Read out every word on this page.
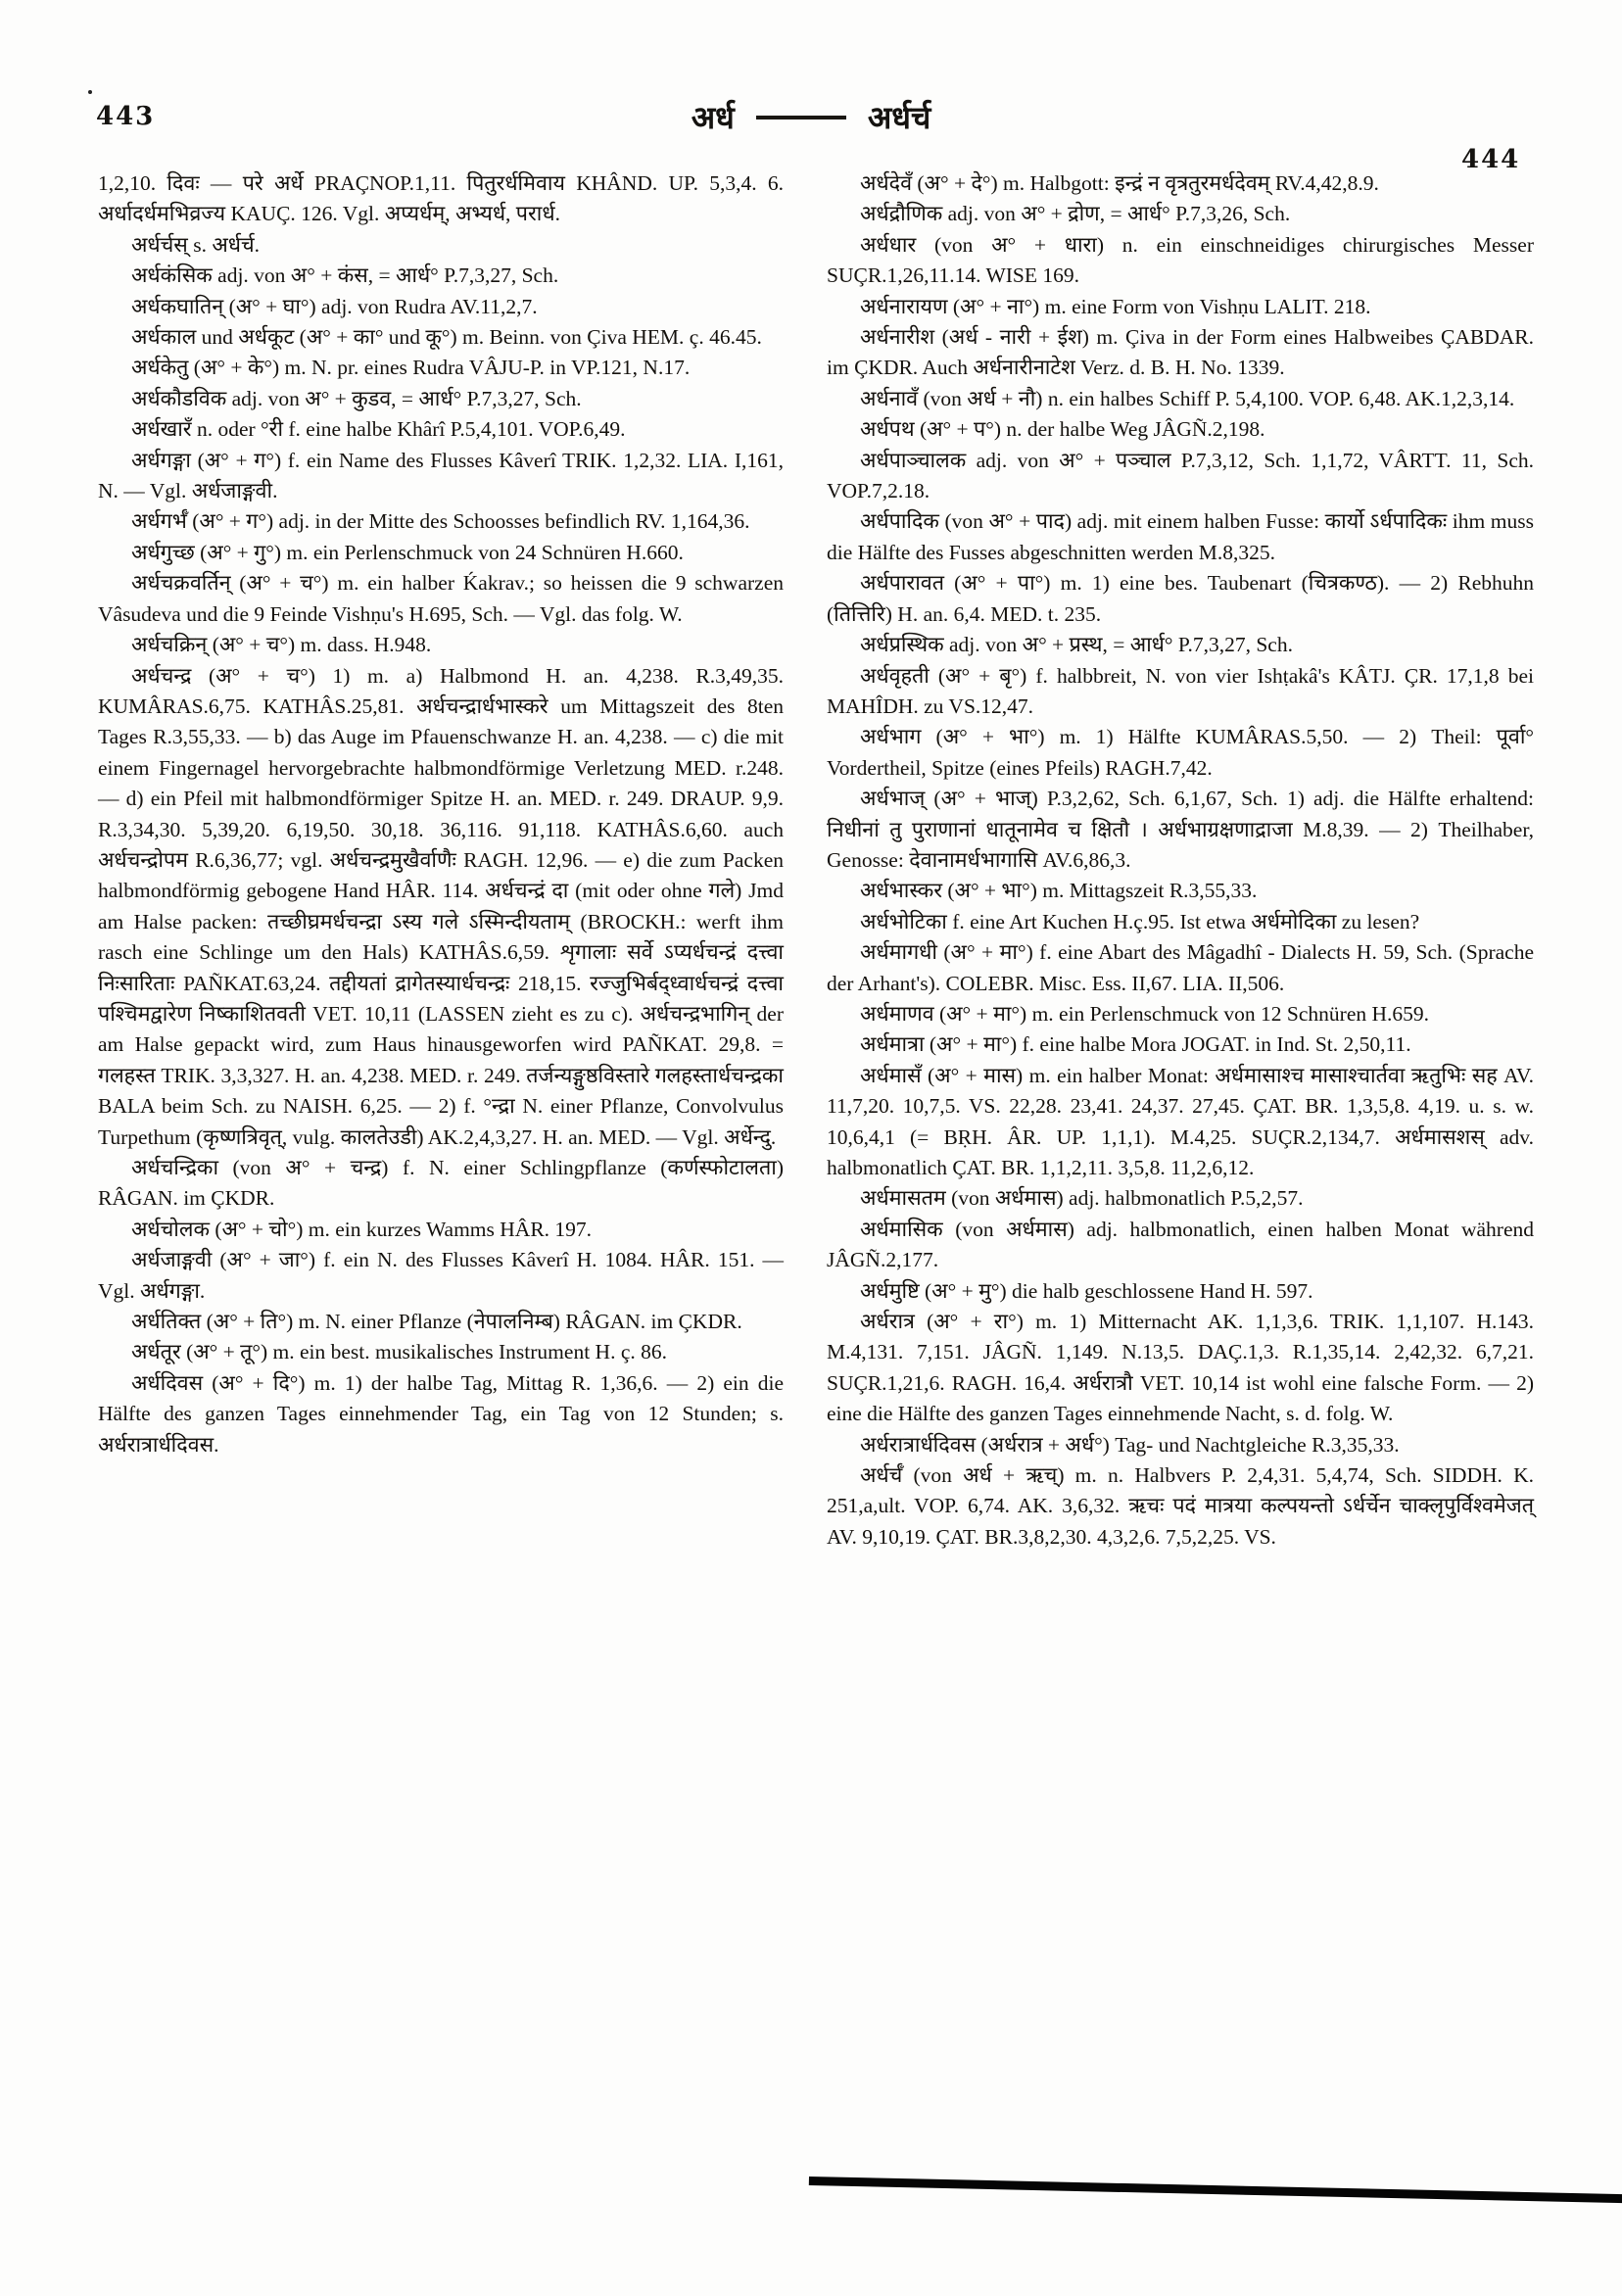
443	अर्ध	अर्धर्च
444

1,2,10. दिवः — परे अर्धे PRAÇNOP.1,11. पितुरर्धमिवाय KHÂND. UP. 5,3,4. 6. अर्धादर्धमभिव्रज्य KAUÇ. 126. Vgl. अप्यर्धम्, अभ्यर्ध, परार्ध.

अर्धर्चस् s. अर्धर्च.

अर्धकंसिक adj. von अ° + कंस, = आर्ध° P.7,3,27, Sch.

अर्धकघातिन् (अ° + घा°) adj. von Rudra AV.11,2,7.

अर्धकाल und अर्धकूट (अ° + का° und कू°) m. Beinn. von Çiva HEM. ç. 46.45.

अर्धकेतु (अ° + के°) m. N. pr. eines Rudra VÂJU-P. in VP.121, N.17.

अर्धकौडविक adj. von अ° + कुडव, = आर्ध° P.7,3,27, Sch.

अर्धखारँ n. oder °री f. eine halbe Khârî P.5,4,101. VOP.6,49.

अर्धगङ्गा (अ° + ग°) f. ein Name des Flusses Kâverî TRIK. 1,2,32. LIA. I,161, N. — Vgl. अर्धजाङ्गवी.

अर्धगर्भँ (अ° + ग°) adj. in der Mitte des Schoosses befindlich RV. 1,164,36.

अर्धगुच्छ (अ° + गु°) m. ein Perlenschmuck von 24 Schnüren H.660.

अर्धचक्रवर्तिन् (अ° + च°) m. ein halber Ḱakrav.; so heissen die 9 schwarzen Vâsudeva und die 9 Feinde Vishṇu's H.695, Sch. — Vgl. das folg. W.

अर्धचक्रिन् (अ° + च°) m. dass. H.948.

अर्धचन्द्र (अ° + च°) 1) m. a) Halbmond H. an. 4,238. R.3,49,35. KUMÂRAS.6,75. KATHÂS.25,81. अर्धचन्द्रार्धभास्करे um Mittagszeit des 8ten Tages R.3,55,33. — b) das Auge im Pfauenschwanze H. an. 4,238. — c) die mit einem Fingernagel hervorgebrachte halbmondförmige Verletzung MED. r.248. — d) ein Pfeil mit halbmondförmiger Spitze H. an. MED. r. 249. DRAUP. 9,9. R.3,34,30. 5,39,20. 6,19,50. 30,18. 36,116. 91,118. KATHÂS.6,60. auch अर्धचन्द्रोपम R.6,36,77; vgl. अर्धचन्द्रमुखैर्वाणैः RAGH. 12,96. — e) die zum Packen halbmondförmig gebogene Hand HÂR. 114. अर्धचन्द्रं दा (mit oder ohne गले) Jmd am Halse packen: तच्छीघ्रमर्धचन्द्रा ऽस्य गले ऽस्मिन्दीयताम् (BROCKH.: werft ihm rasch eine Schlinge um den Hals) KATHÂS.6,59. शृगालाः सर्वे ऽप्यर्धचन्द्रं दत्त्वा निःसारिताः PAÑKAT.63,24. तद्दीयतां द्रागेतस्यार्धचन्द्रः 218,15. रज्जुभिर्बद्ध्वार्धचन्द्रं दत्त्वा पश्चिमद्वारेण निष्काशितवती VET. 10,11 (LASSEN zieht es zu c). अर्धचन्द्रभागिन् der am Halse gepackt wird, zum Haus hinausgeworfen wird PAÑKAT. 29,8. = गलहस्त TRIK. 3,3,327. H. an. 4,238. MED. r. 249. तर्जन्यङ्गुष्ठविस्तारे गलहस्तार्धचन्द्रका BALA beim Sch. zu NAISH. 6,25. — 2) f. °न्द्रा N. einer Pflanze, Convolvulus Turpethum (कृष्णत्रिवृत्, vulg. कालतेउडी) AK.2,4,3,27. H. an. MED. — Vgl. अर्धेन्दु.

अर्धचन्द्रिका (von अ° + चन्द्र) f. N. einer Schlingpflanze (कर्णस्फोटालता) RÂGAN. im ÇKDR.

अर्धचोलक (अ° + चो°) m. ein kurzes Wamms HÂR. 197.

अर्धजाङ्गवी (अ° + जा°) f. ein N. des Flusses Kâverî H. 1084. HÂR. 151. — Vgl. अर्धगङ्गा.

अर्धतिक्त (अ° + ति°) m. N. einer Pflanze (नेपालनिम्ब) RÂGAN. im ÇKDR.

अर्धतूर (अ° + तू°) m. ein best. musikalisches Instrument H. ç. 86.

अर्धदिवस (अ° + दि°) m. 1) der halbe Tag, Mittag R. 1,36,6. — 2) ein die Hälfte des ganzen Tages einnehmender Tag, ein Tag von 12 Stunden; s. अर्धरात्रार्धदिवस.

अर्धदेवँ (अ° + दे°) m. Halbgott: इन्द्रं न वृत्रतुरमर्धदेवम् RV.4,42,8.9.

अर्धद्रौणिक adj. von अ° + द्रोण, = आर्ध° P.7,3,26, Sch.

अर्धधार (von अ° + धारा) n. ein einschneidiges chirurgisches Messer SUÇR.1,26,11.14. WISE 169.

अर्धनारायण (अ° + ना°) m. eine Form von Vishṇu LALIT. 218.

अर्धनारीश (अर्ध - नारी + ईश) m. Çiva in der Form eines Halbweibes ÇABDAR. im ÇKDR. Auch अर्धनारीनाटेश Verz. d. B. H. No. 1339.

अर्धनावँ (von अर्ध + नौ) n. ein halbes Schiff P. 5,4,100. VOP. 6,48. AK.1,2,3,14.

अर्धपथ (अ° + प°) n. der halbe Weg JÂGÑ.2,198.

अर्धपाञ्चालक adj. von अ° + पञ्चाल P.7,3,12, Sch. 1,1,72, VÂRTT. 11, Sch. VOP.7,2.18.

अर्धपादिक (von अ° + पाद) adj. mit einem halben Fusse: कार्यो ऽर्धपादिकः ihm muss die Hälfte des Fusses abgeschnitten werden M.8,325.

अर्धपारावत (अ° + पा°) m. 1) eine bes. Taubenart (चित्रकण्ठ). — 2) Rebhuhn (तित्तिरि) H. an. 6,4. MED. t. 235.

अर्धप्रस्थिक adj. von अ° + प्रस्थ, = आर्ध° P.7,3,27, Sch.

अर्धवृहती (अ° + बृ°) f. halbbreit, N. von vier Ishṭakâ's KÂTJ. ÇR. 17,1,8 bei MAHÎDH. zu VS.12,47.

अर्धभाग (अ° + भा°) m. 1) Hälfte KUMÂRAS.5,50. — 2) Theil: पूर्वा° Vordertheil, Spitze (eines Pfeils) RAGH.7,42.

अर्धभाज् (अ° + भाज्) P.3,2,62, Sch. 6,1,67, Sch. 1) adj. die Hälfte erhaltend: निधीनां तु पुराणानां धातूनामेव च क्षितौ । अर्धभाग्रक्षणाद्राजा M.8,39. — 2) Theilhaber, Genosse: देवानामर्धभागासि AV.6,86,3.

अर्धभास्कर (अ° + भा°) m. Mittagszeit R.3,55,33.

अर्धभोटिका f. eine Art Kuchen H.ç.95. Ist etwa अर्धमोदिका zu lesen?

अर्धमागधी (अ° + मा°) f. eine Abart des Mâgadhî - Dialects H. 59, Sch. (Sprache der Arhant's). COLEBR. Misc. Ess. II,67. LIA. II,506.

अर्धमाणव (अ° + मा°) m. ein Perlenschmuck von 12 Schnüren H.659.

अर्धमात्रा (अ° + मा°) f. eine halbe Mora JOGAT. in Ind. St. 2,50,11.

अर्धमासँ (अ° + मास) m. ein halber Monat: अर्धमासाश्च मासाश्चार्तवा ऋतुभिः सह AV. 11,7,20. 10,7,5. VS. 22,28. 23,41. 24,37. 27,45. ÇAT. BR. 1,3,5,8. 4,19. u. s. w. 10,6,4,1 (= BṚH. ÂR. UP. 1,1,1). M.4,25. SUÇR.2,134,7. अर्धमासशस् adv. halbmonatlich ÇAT. BR. 1,1,2,11. 3,5,8. 11,2,6,12.

अर्धमासतम (von अर्धमास) adj. halbmonatlich P.5,2,57.

अर्धमासिक (von अर्धमास) adj. halbmonatlich, einen halben Monat während JÂGÑ.2,177.

अर्धमुष्टि (अ° + मु°) die halb geschlossene Hand H. 597.

अर्धरात्र (अ° + रा°) m. 1) Mitternacht AK. 1,1,3,6. TRIK. 1,1,107. H.143. M.4,131. 7,151. JÂGÑ. 1,149. N.13,5. DAÇ.1,3. R.1,35,14. 2,42,32. 6,7,21. SUÇR.1,21,6. RAGH. 16,4. अर्धरात्रौ VET. 10,14 ist wohl eine falsche Form. — 2) eine die Hälfte des ganzen Tages einnehmende Nacht, s. d. folg. W.

अर्धरात्रार्धदिवस (अर्धरात्र + अर्ध°) Tag- und Nachtgleiche R.3,35,33.

अर्धर्चँ (von अर्ध + ऋच्) m. n. Halbvers P. 2,4,31. 5,4,74, Sch. SIDDH. K. 251,a,ult. VOP. 6,74. AK. 3,6,32. ऋचः पदं मात्रया कल्पयन्तो ऽर्धर्चेन चाक्लृपुर्विश्वमेजत् AV. 9,10,19. ÇAT. BR.3,8,2,30. 4,3,2,6. 7,5,2,25. VS.
